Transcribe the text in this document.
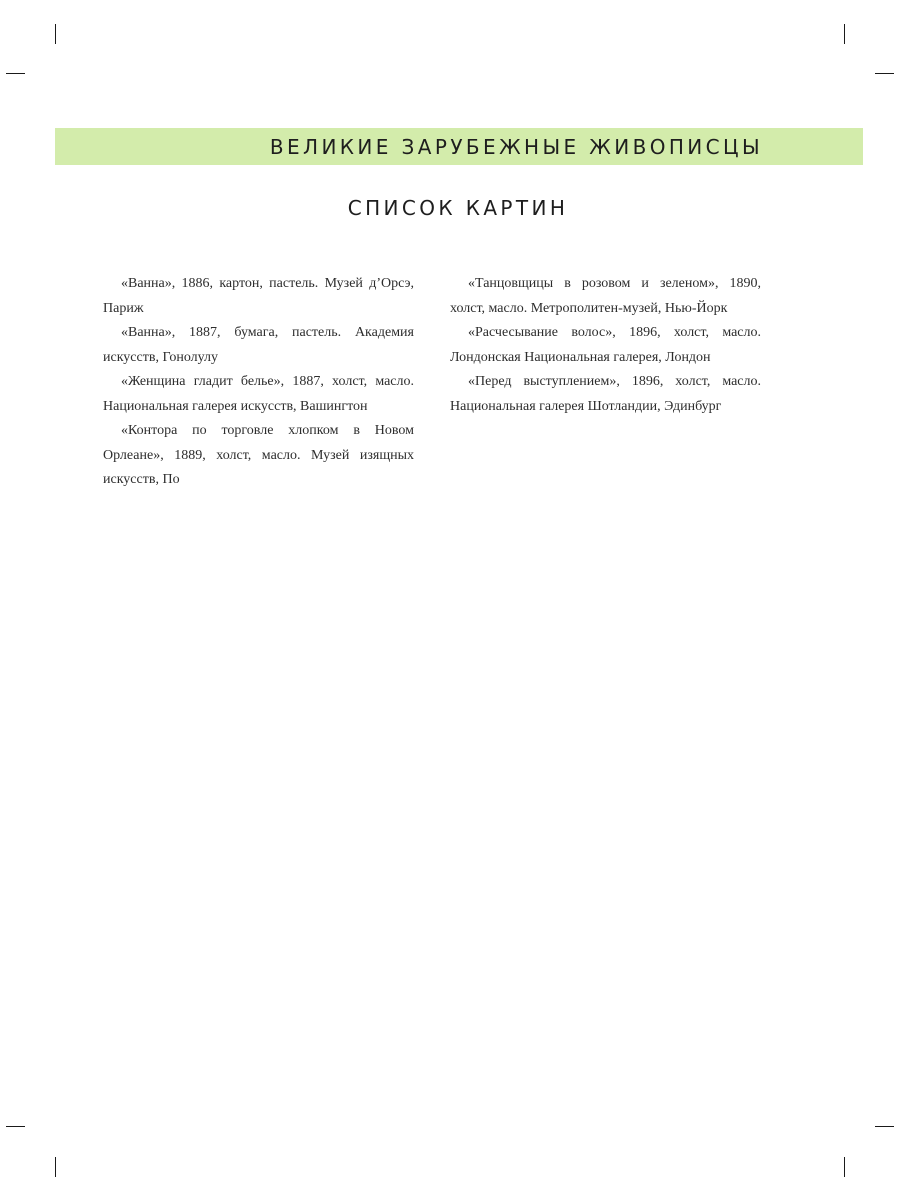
ВЕЛИКИЕ ЗАРУБЕЖНЫЕ ЖИВОПИСЦЫ
СПИСОК КАРТИН

«Ванна», 1886, картон, пастель. Музей д’Орсэ, Париж

«Ванна», 1887, бумага, пастель. Академия искусств, Гонолулу

«Женщина гладит белье», 1887, холст, масло. Национальная галерея искусств, Вашингтон

«Контора по торговле хлопком в Новом Орлеане», 1889, холст, масло. Музей изящных искусств, По

«Танцовщицы в розовом и зеленом», 1890, холст, масло. Метрополитен-музей, Нью-Йорк

«Расчесывание волос», 1896, холст, масло. Лондонская Национальная галерея, Лондон

«Перед выступлением», 1896, холст, масло. Национальная галерея Шотландии, Эдинбург
